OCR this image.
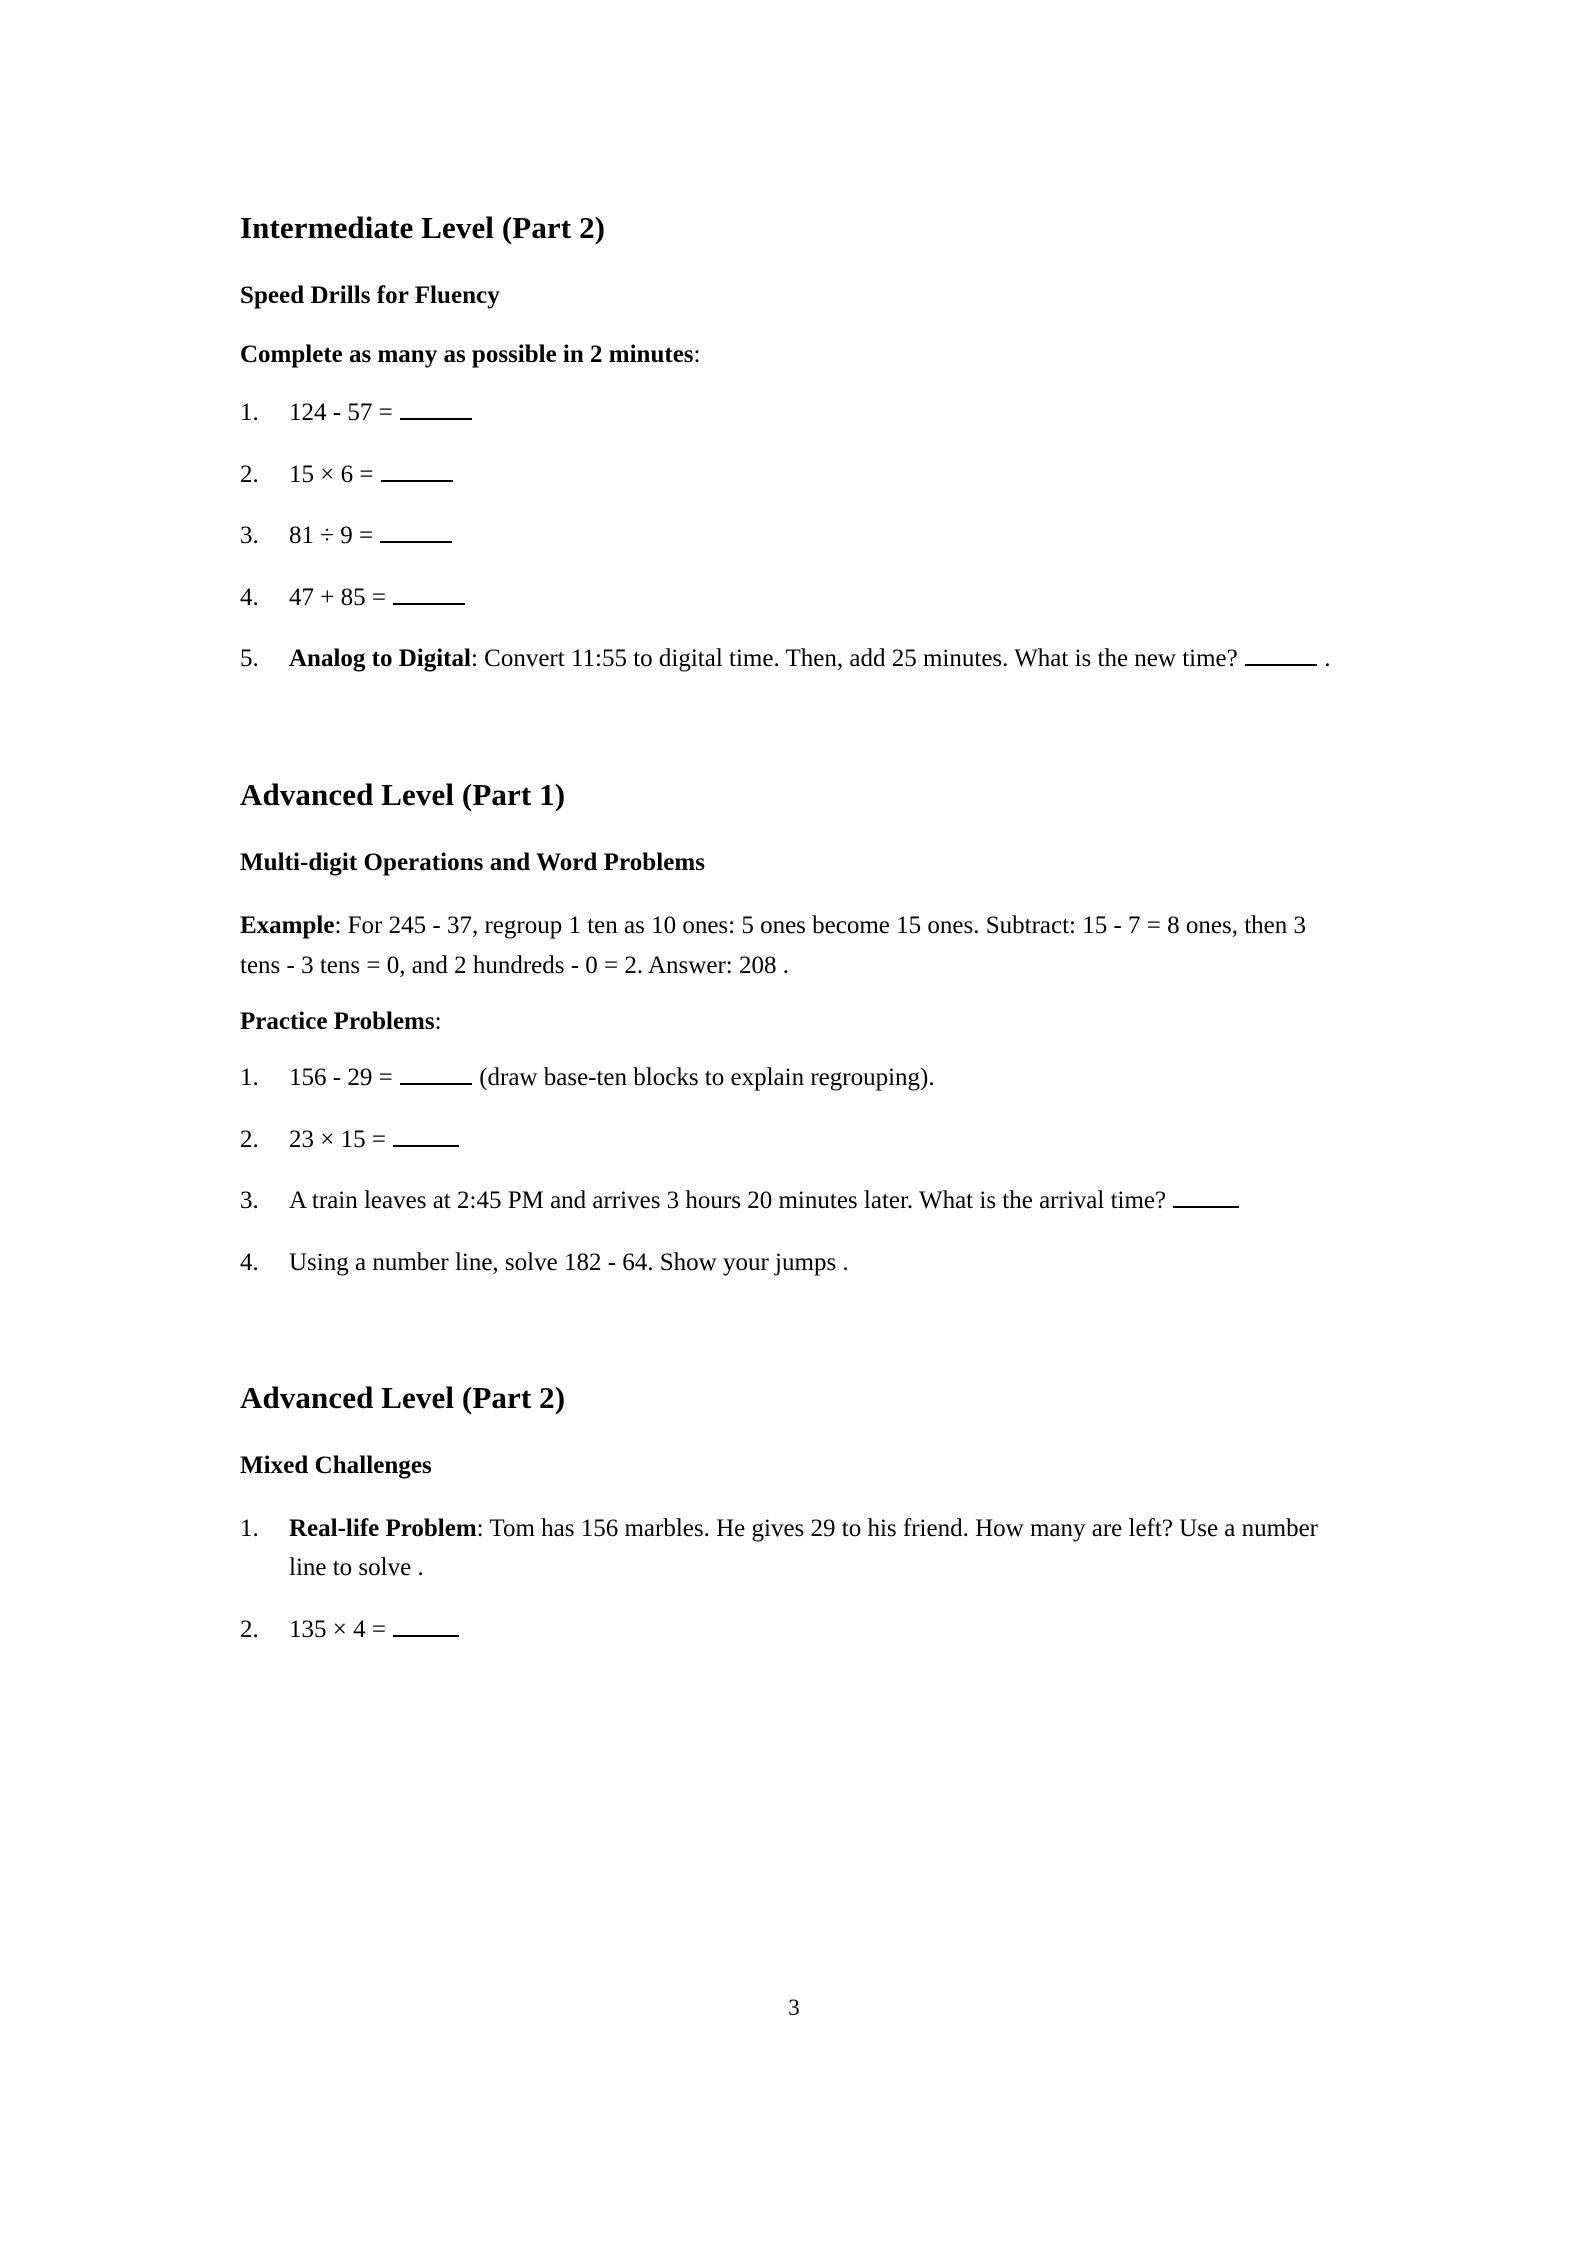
Intermediate Level (Part 2)
Speed Drills for Fluency

Complete as many as possible in 2 minutes:

1.	124 - 57 =
2.	15 × 6 =
3.	81 ÷ 9 =
4.	47 + 85 =
5.	Analog to Digital: Convert 11:55 to digital time. Then, add 25 minutes. What is the new time?	.
Advanced Level (Part 1)
Multi-digit Operations and Word Problems

Example: For 245 - 37, regroup 1 ten as 10 ones: 5 ones become 15 ones. Subtract: 15 - 7 = 8 ones, then 3 tens - 3 tens = 0, and 2 hundreds - 0 = 2. Answer: 208 .

Practice Problems:

1.	156 - 29 =	(draw base-ten blocks to explain regrouping).
2.	23 × 15 =
3.	A train leaves at 2:45 PM and arrives 3 hours 20 minutes later. What is the arrival time?
4.	Using a number line, solve 182 - 64. Show your jumps .
Advanced Level (Part 2)
Mixed Challenges
1.	Real-life Problem: Tom has 156 marbles. He gives 29 to his friend. How many are left? Use a number line to solve .
2.	135 × 4 =
3
